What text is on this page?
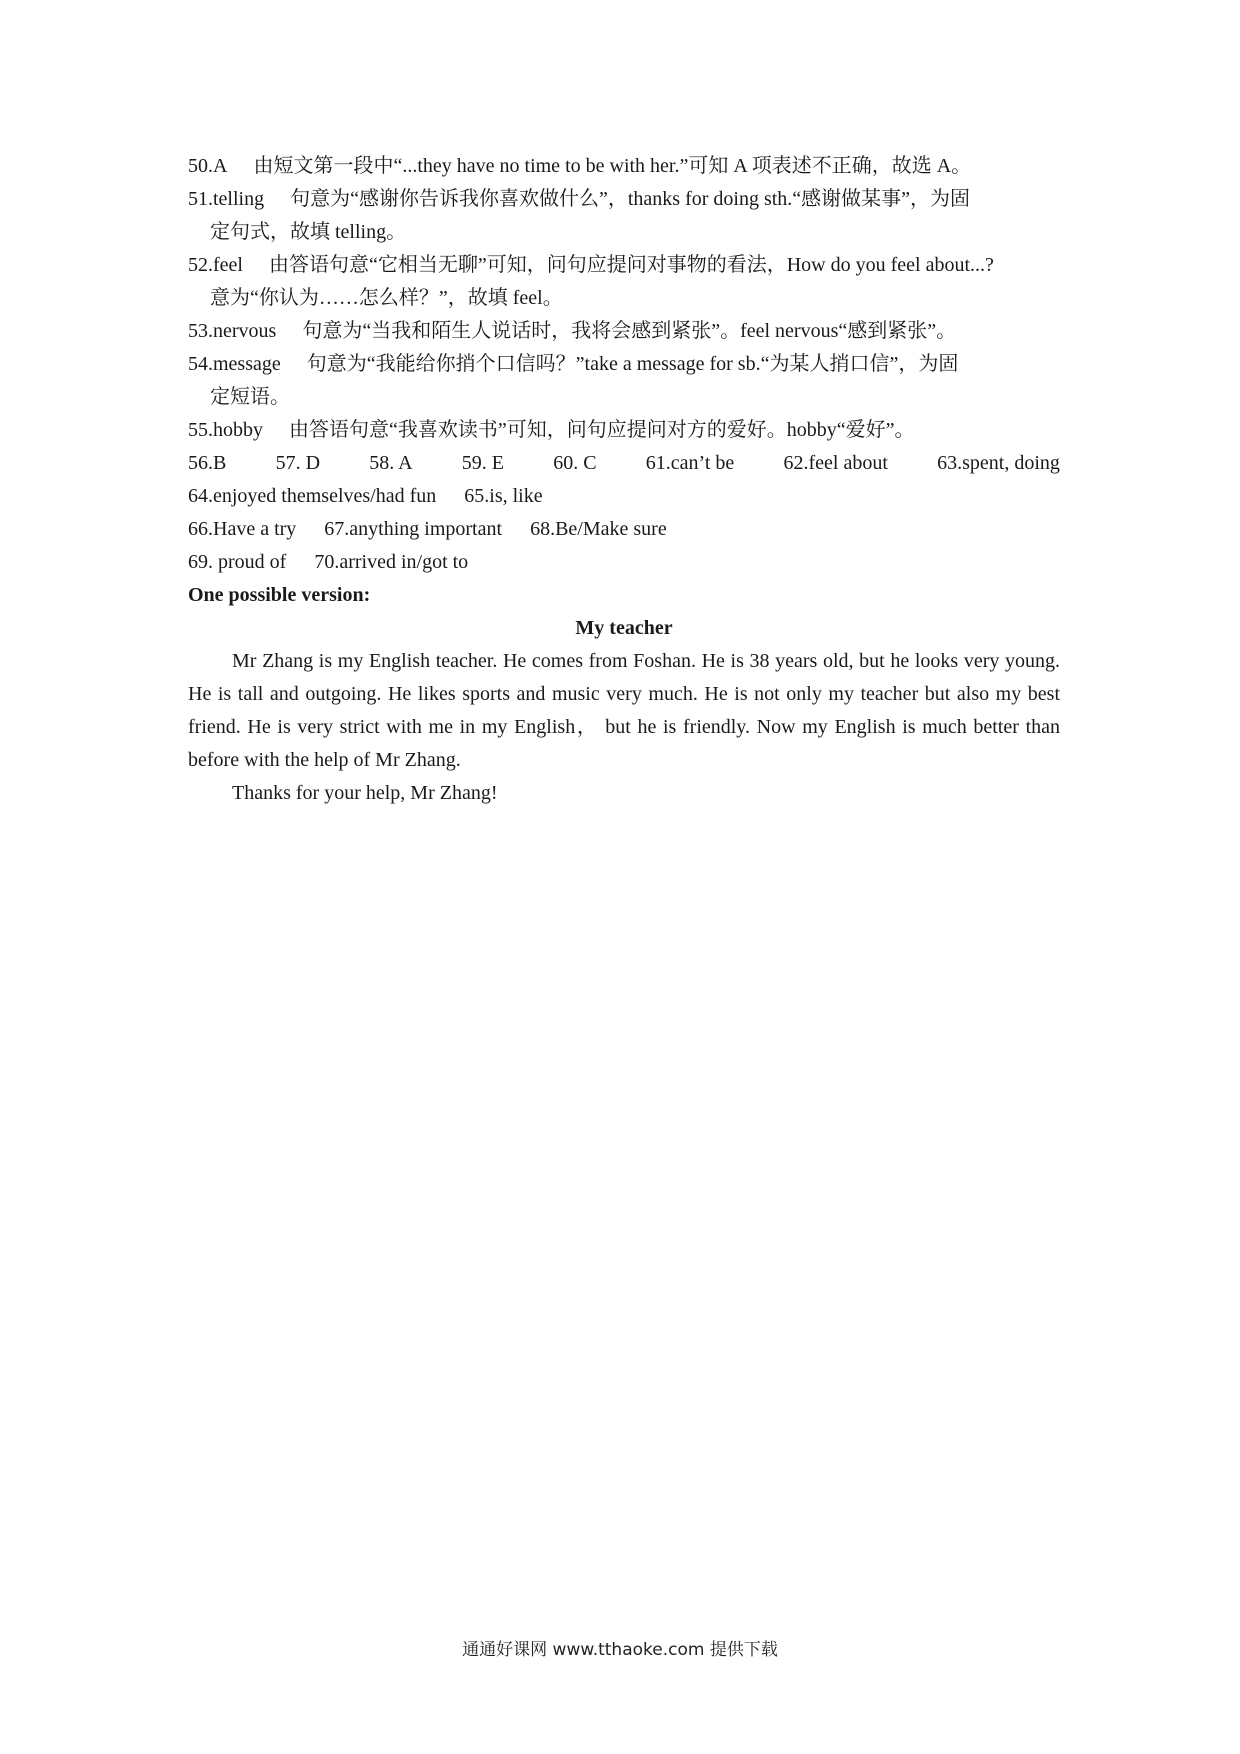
50.A 由短文第一段中“...they have no time to be with her.”可知 A 项表述不正确，故选 A。
51.telling 句意为“感谢你告诉我你喜欢做什么”，thanks for doing sth.“感谢做某事”，为固
定句式，故填 telling。
52.feel 由答语句意“它相当无聊”可知，问句应提问对事物的看法，How do you feel about...?
意为“你认为……怎么样？”，故填 feel。
53.nervous 句意为“当我和陌生人说话时，我将会感到紧张”。feel nervous“感到紧张”。
54.message 句意为“我能给你捎个口信吗？”take a message for sb.“为某人捎口信”，为固
定短语。
55.hobby 由答语句意“我喜欢读书”可知，问句应提问对方的爱好。hobby“爱好”。
56.B 57. D 58. A 59. E 60. C 61.can’t be 62.feel about 63.spent, doing
64.enjoyed themselves/had fun 65.is, like
66.Have a try 67.anything important 68.Be/Make sure
69. proud of 70.arrived in/got to
One possible version:
My teacher

Mr Zhang is my English teacher. He comes from Foshan. He is 38 years old, but he looks very young. He is tall and outgoing. He likes sports and music very much. He is not only my teacher but also my best friend. He is very strict with me in my English， but he is friendly. Now my English is much better than before with the help of Mr Zhang.

Thanks for your help, Mr Zhang!

通通好课网 www.tthaoke.com 提供下载
